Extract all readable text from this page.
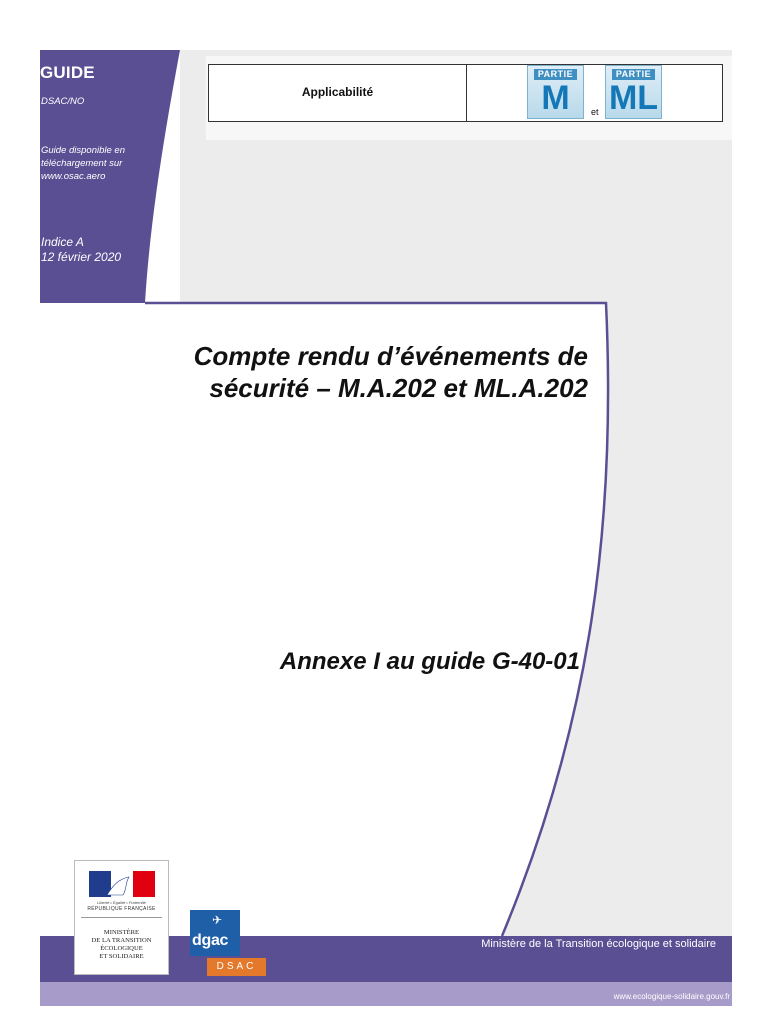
GUIDE
DSAC/NO
Guide disponible en téléchargement sur www.osac.aero
Indice A
12 février 2020
Applicabilité
PARTIE
M	et
PARTIE
ML
Compte rendu d’événements de
sécurité – M.A.202 et ML.A.202
Annexe I au guide G-40-01
Liberté • Égalité • Fraternité
RÉPUBLIQUE FRANÇAISE
MINISTÈRE
DE LA TRANSITION
ÉCOLOGIQUE
ET SOLIDAIRE
✈
dgac
DSAC
Ministère de la Transition écologique et solidaire
www.ecologique-solidaire.gouv.fr
